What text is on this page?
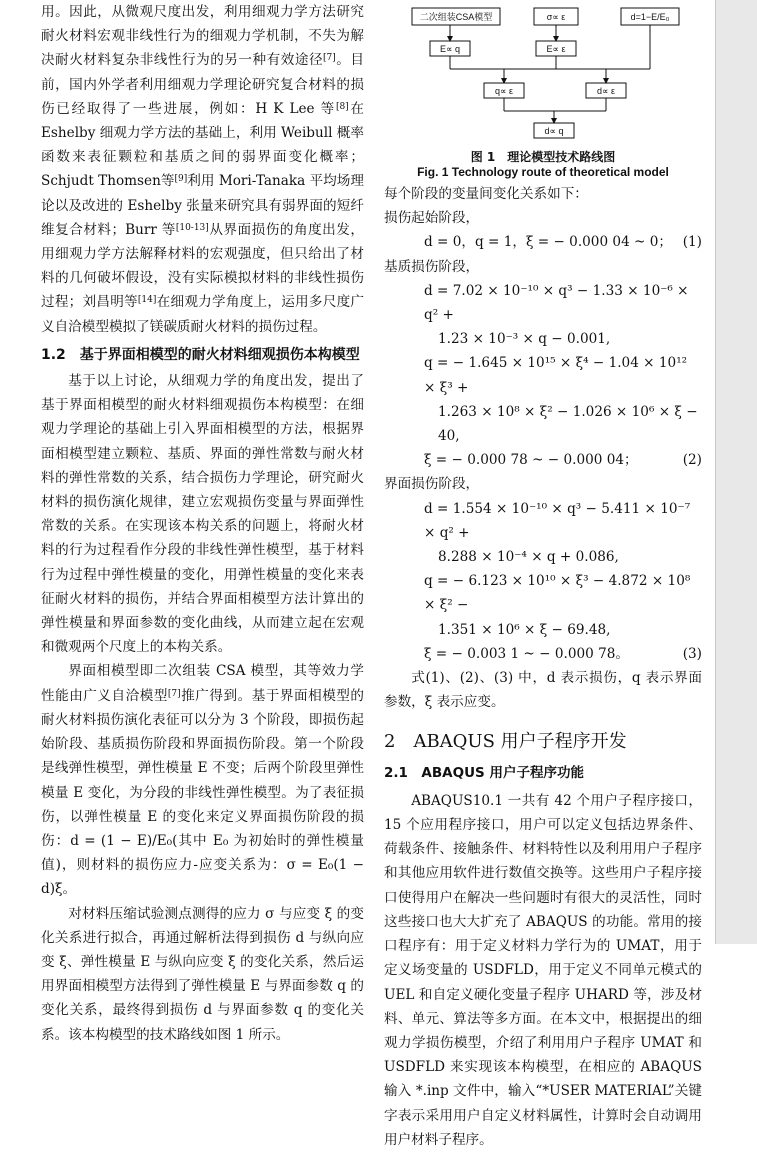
用。因此，从微观尺度出发，利用细观力学方法研究耐火材料宏观非线性行为的细观力学机制，不失为解决耐火材料复杂非线性行为的另一种有效途径[7]。目前，国内外学者利用细观力学理论研究复合材料的损伤已经取得了一些进展，例如：H K Lee 等[8]在 Eshelby 细观力学方法的基础上，利用 Weibull 概率函数来表征颗粒和基质之间的弱界面变化概率；Schjudt Thomsen等[9]利用 Mori-Tanaka 平均场理论以及改进的 Eshelby 张量来研究具有弱界面的短纤维复合材料；Burr 等[10-13]从界面损伤的角度出发，用细观力学方法解释材料的宏观强度，但只给出了材料的几何破坏假设，没有实际模拟材料的非线性损伤过程；刘昌明等[14]在细观力学角度上，运用多尺度广义自洽模型模拟了镁碳质耐火材料的损伤过程。

1.2　基于界面相模型的耐火材料细观损伤本构模型

基于以上讨论，从细观力学的角度出发，提出了基于界面相模型的耐火材料细观损伤本构模型：在细观力学理论的基础上引入界面相模型的方法，根据界面相模型建立颗粒、基质、界面的弹性常数与耐火材料的弹性常数的关系，结合损伤力学理论，研究耐火材料的损伤演化规律，建立宏观损伤变量与界面弹性常数的关系。在实现该本构关系的问题上，将耐火材料的行为过程看作分段的非线性弹性模型，基于材料行为过程中弹性模量的变化，用弹性模量的变化来表征耐火材料的损伤，并结合界面相模型方法计算出的弹性模量和界面参数的变化曲线，从而建立起在宏观和微观两个尺度上的本构关系。

界面相模型即二次组装 CSA 模型，其等效力学性能由广义自洽模型[7]推广得到。基于界面相模型的耐火材料损伤演化表征可以分为 3 个阶段，即损伤起始阶段、基质损伤阶段和界面损伤阶段。第一个阶段是线弹性模型，弹性模量 E 不变；后两个阶段里弹性模量 E 变化，为分段的非线性弹性模型。为了表征损伤，以弹性模量 E 的变化来定义界面损伤阶段的损伤：d = (1 − E)/E₀(其中 E₀ 为初始时的弹性模量值)，则材料的损伤应力-应变关系为：σ = E₀(1 − d)ξ。

对材料压缩试验测点测得的应力 σ 与应变 ξ 的变化关系进行拟合，再通过解析法得到损伤 d 与纵向应变 ξ、弹性模量 E 与纵向应变 ξ 的变化关系，然后运用界面相模型方法得到了弹性模量 E 与界面参数 q 的变化关系，最终得到损伤 d 与界面参数 q 的变化关系。该本构模型的技术路线如图 1 所示。

二次组装CSA模型	σ∝ ε	d=1−E/E₀
E∝ q	E∝ ε
q∝ ε	d∝ ε
d∝ q
图 1　理论模型技术路线图
Fig. 1 Technology route of theoretical model

每个阶段的变量间变化关系如下：

损伤起始阶段，

d = 0，q = 1，ξ = − 0.000 04 ~ 0； (1)

基质损伤阶段，

d = 7.02 × 10⁻¹⁰ × q³ − 1.33 × 10⁻⁶ × q² +
1.23 × 10⁻³ × q − 0.001,
q = − 1.645 × 10¹⁵ × ξ⁴ − 1.04 × 10¹² × ξ³ +
1.263 × 10⁸ × ξ² − 1.026 × 10⁶ × ξ − 40,
ξ = − 0.000 78 ~ − 0.000 04；	(2)

界面损伤阶段，

d = 1.554 × 10⁻¹⁰ × q³ − 5.411 × 10⁻⁷ × q² +
8.288 × 10⁻⁴ × q + 0.086,
q = − 6.123 × 10¹⁰ × ξ³ − 4.872 × 10⁸ × ξ² −
1.351 × 10⁶ × ξ − 69.48,
ξ = − 0.003 1 ~ − 0.000 78。	(3)

式(1)、(2)、(3) 中，d 表示损伤，q 表示界面参数，ξ 表示应变。

2　ABAQUS 用户子程序开发
2.1　ABAQUS 用户子程序功能

ABAQUS10.1 一共有 42 个用户子程序接口，15 个应用程序接口，用户可以定义包括边界条件、荷载条件、接触条件、材料特性以及利用用户子程序和其他应用软件进行数值交换等。这些用户子程序接口使得用户在解决一些问题时有很大的灵活性，同时这些接口也大大扩充了 ABAQUS 的功能。常用的接口程序有：用于定义材料力学行为的 UMAT，用于定义场变量的 USDFLD，用于定义不同单元模式的 UEL 和自定义硬化变量子程序 UHARD 等，涉及材料、单元、算法等多方面。在本文中，根据提出的细观力学损伤模型，介绍了利用用户子程序 UMAT 和 USDFLD 来实现该本构模型，在相应的 ABAQUS 输入 *.inp 文件中，输入“*USER MATERIAL”关键字表示采用用户自定义材料属性，计算时会自动调用用户材料子程序。
